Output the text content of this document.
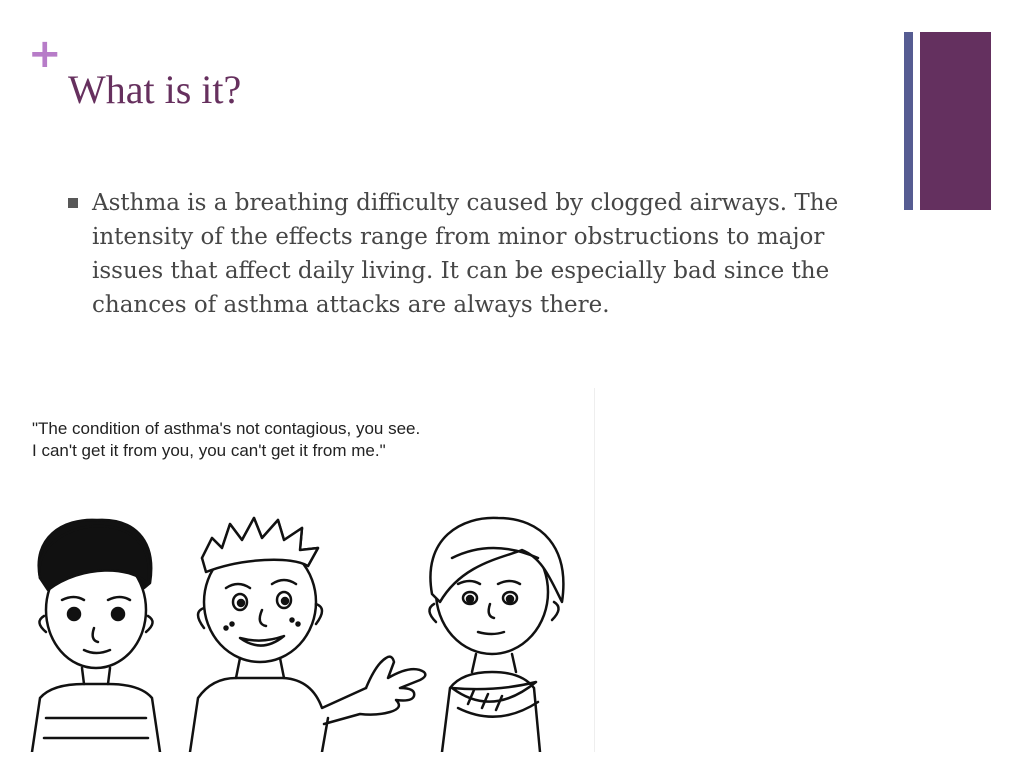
+
What is it?

Asthma is a breathing difficulty caused by clogged airways. The intensity of the effects range from minor obstructions to major issues that affect daily living. It can be especially bad since the chances of asthma attacks are always there.

"The condition of asthma's not contagious, you see.
I can't get it from you, you can't get it from me."
